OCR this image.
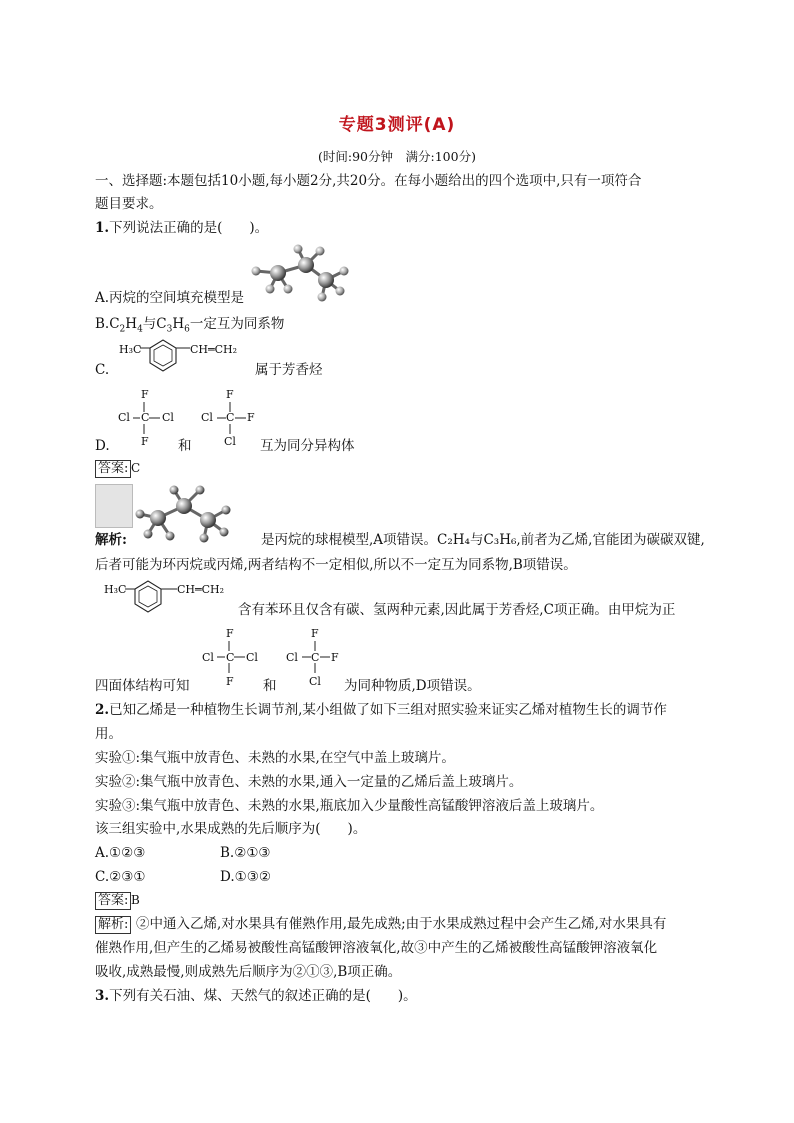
专题3测评(A)
(时间:90分钟　满分:100分)
一、选择题:本题包括10小题,每小题2分,共20分。在每小题给出的四个选项中,只有一项符合
题目要求。
1.下列说法正确的是(　　)。
A.丙烷的空间填充模型是
$B.C_2H_4$与$C_3H_6$一定互为同系物
C.
H₃C	CH═CH₂
属于芳香烃
D.
F
Cl C Cl
F 和
F
Cl C F
Cl 互为同分异构体
答案: C
解析:	是丙烷的球棍模型,A项错误。C₂H₄与C₃H₆,前者为乙烯,官能团为碳碳双键,
后者可能为环丙烷或丙烯,两者结构不一定相似,所以不一定互为同系物,B项错误。
H₃C	CH═CH₂
含有苯环且仅含有碳、氢两种元素,因此属于芳香烃,C项正确。由甲烷为正
F
Cl C Cl
F
F
Cl C F
Cl
四面体结构可知	和	为同种物质,D项错误。
2.已知乙烯是一种植物生长调节剂,某小组做了如下三组对照实验来证实乙烯对植物生长的调节作
用。
实验①:集气瓶中放青色、未熟的水果,在空气中盖上玻璃片。
实验②:集气瓶中放青色、未熟的水果,通入一定量的乙烯后盖上玻璃片。
实验③:集气瓶中放青色、未熟的水果,瓶底加入少量酸性高锰酸钾溶液后盖上玻璃片。
该三组实验中,水果成熟的先后顺序为(　　)。
A.①②③	B.②①③
C.②③①	D.①③②
答案: B
解析: ②中通入乙烯,对水果具有催熟作用,最先成熟;由于水果成熟过程中会产生乙烯,对水果具有
催熟作用,但产生的乙烯易被酸性高锰酸钾溶液氧化,故③中产生的乙烯被酸性高锰酸钾溶液氧化
吸收,成熟最慢,则成熟先后顺序为②①③,B项正确。
3.下列有关石油、煤、天然气的叙述正确的是(　　)。
